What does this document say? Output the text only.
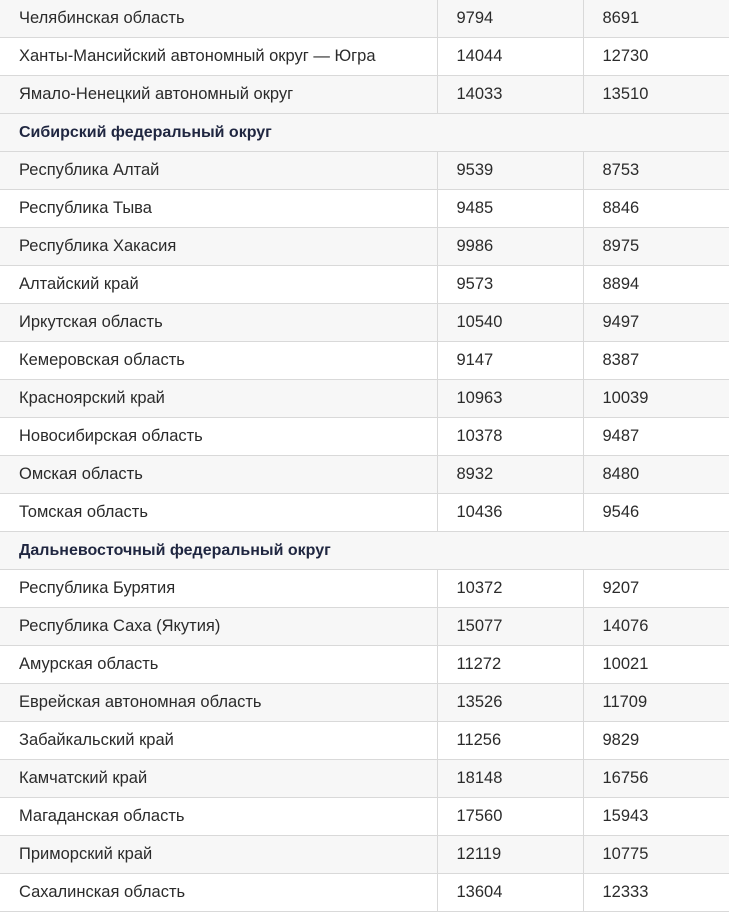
Челябинская область	9794	8691
Ханты-Мансийский автономный округ — Югра	14044	12730
Ямало-Ненецкий автономный округ	14033	13510
Сибирский федеральный округ		
Республика Алтай	9539	8753
Республика Тыва	9485	8846
Республика Хакасия	9986	8975
Алтайский край	9573	8894
Иркутская область	10540	9497
Кемеровская область	9147	8387
Красноярский край	10963	10039
Новосибирская область	10378	9487
Омская область	8932	8480
Томская область	10436	9546
Дальневосточный федеральный округ		
Республика Бурятия	10372	9207
Республика Саха (Якутия)	15077	14076
Амурская область	11272	10021
Еврейская автономная область	13526	11709
Забайкальский край	11256	9829
Камчатский край	18148	16756
Магаданская область	17560	15943
Приморский край	12119	10775
Сахалинская область	13604	12333
